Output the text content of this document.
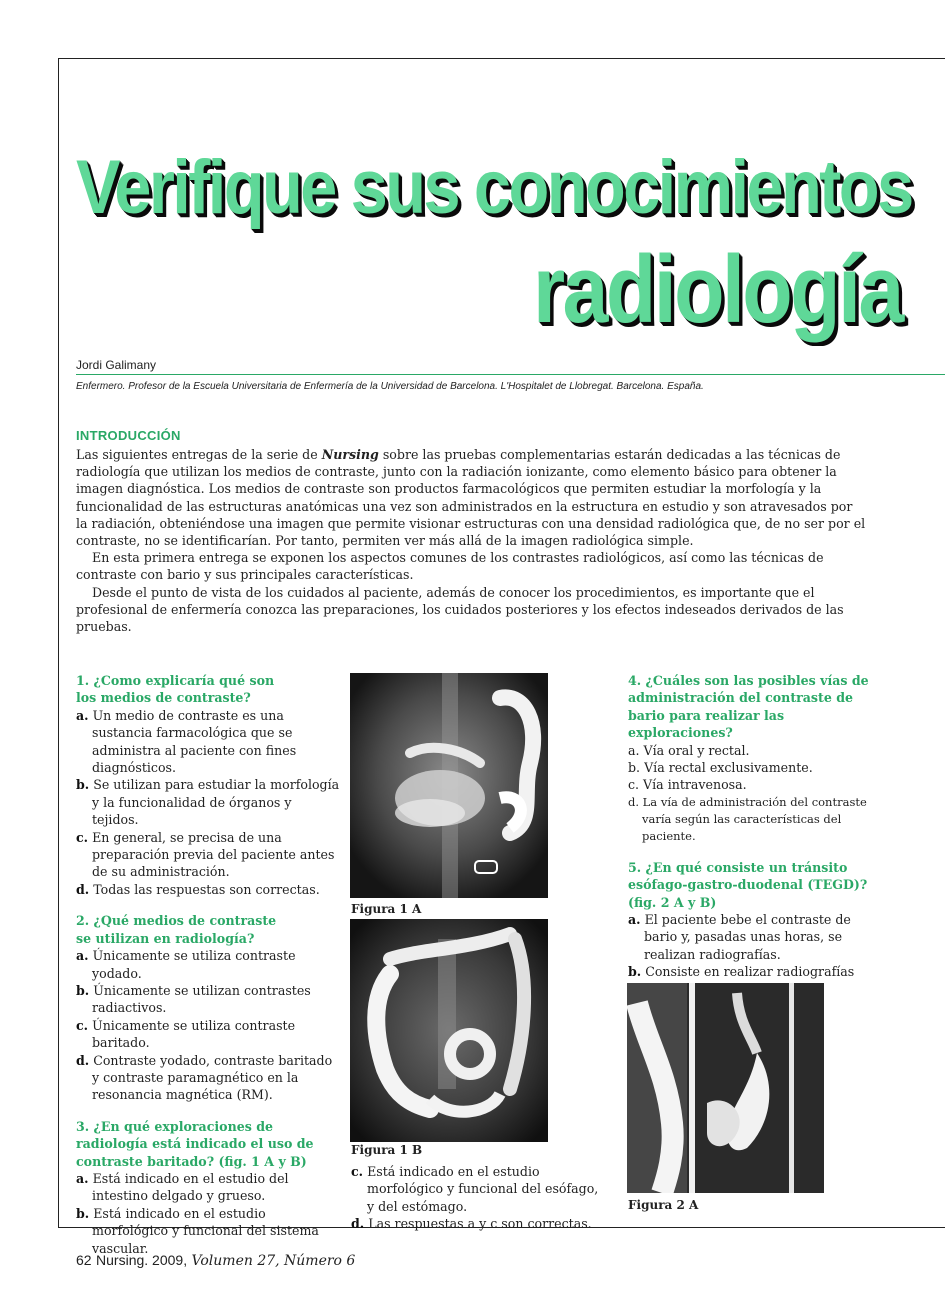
Verifique sus conocimientos
radiología
Jordi Galimany
Enfermero. Profesor de la Escuela Universitaria de Enfermería de la Universidad de Barcelona. L'Hospitalet de Llobregat. Barcelona. España.
INTRODUCCIÓN

Las siguientes entregas de la serie de Nursing sobre las pruebas complementarias estarán dedicadas a las técnicas de radiología que utilizan los medios de contraste, junto con la radiación ionizante, como elemento básico para obtener la imagen diagnóstica. Los medios de contraste son productos farmacológicos que permiten estudiar la morfología y la funcionalidad de las estructuras anatómicas una vez son administrados en la estructura en estudio y son atravesados por la radiación, obteniéndose una imagen que permite visionar estructuras con una densidad radiológica que, de no ser por el contraste, no se identificarían. Por tanto, permiten ver más allá de la imagen radiológica simple.

En esta primera entrega se exponen los aspectos comunes de los contrastes radiológicos, así como las técnicas de contraste con bario y sus principales características.

Desde el punto de vista de los cuidados al paciente, además de conocer los procedimientos, es importante que el profesional de enfermería conozca las preparaciones, los cuidados posteriores y los efectos indeseados derivados de las pruebas.

1. ¿Como explicaría qué son
los medios de contraste?
a. Un medio de contraste es una sustancia farmacológica que se administra al paciente con fines diagnósticos.
b. Se utilizan para estudiar la morfología y la funcionalidad de órganos y tejidos.
c. En general, se precisa de una preparación previa del paciente antes de su administración.
d. Todas las respuestas son correctas.
2. ¿Qué medios de contraste
se utilizan en radiología?
a. Únicamente se utiliza contraste yodado.
b. Únicamente se utilizan contrastes radiactivos.
c. Únicamente se utiliza contraste baritado.
d. Contraste yodado, contraste baritado y contraste paramagnético en la resonancia magnética (RM).
3. ¿En qué exploraciones de radiología está indicado el uso de contraste baritado? (fig. 1 A y B)
a. Está indicado en el estudio del intestino delgado y grueso.
b. Está indicado en el estudio morfológico y funcional del sistema vascular.
Figura 1 A
Figura 1 B
c. Está indicado en el estudio morfológico y funcional del esófago, y del estómago.
d. Las respuestas a y c son correctas.
4. ¿Cuáles son las posibles vías de administración del contraste de bario para realizar las exploraciones?
a. Vía oral y rectal.
b. Vía rectal exclusivamente.
c. Vía intravenosa.
d. La vía de administración del contraste varía según las características del paciente.
5. ¿En qué consiste un tránsito esófago-gastro-duodenal (TEGD)? (fig. 2 A y B)
a. El paciente bebe el contraste de bario y, pasadas unas horas, se realizan radiografías.
b. Consiste en realizar radiografías
Figura 2 A
62 Nursing. 2009, Volumen 27, Número 6
